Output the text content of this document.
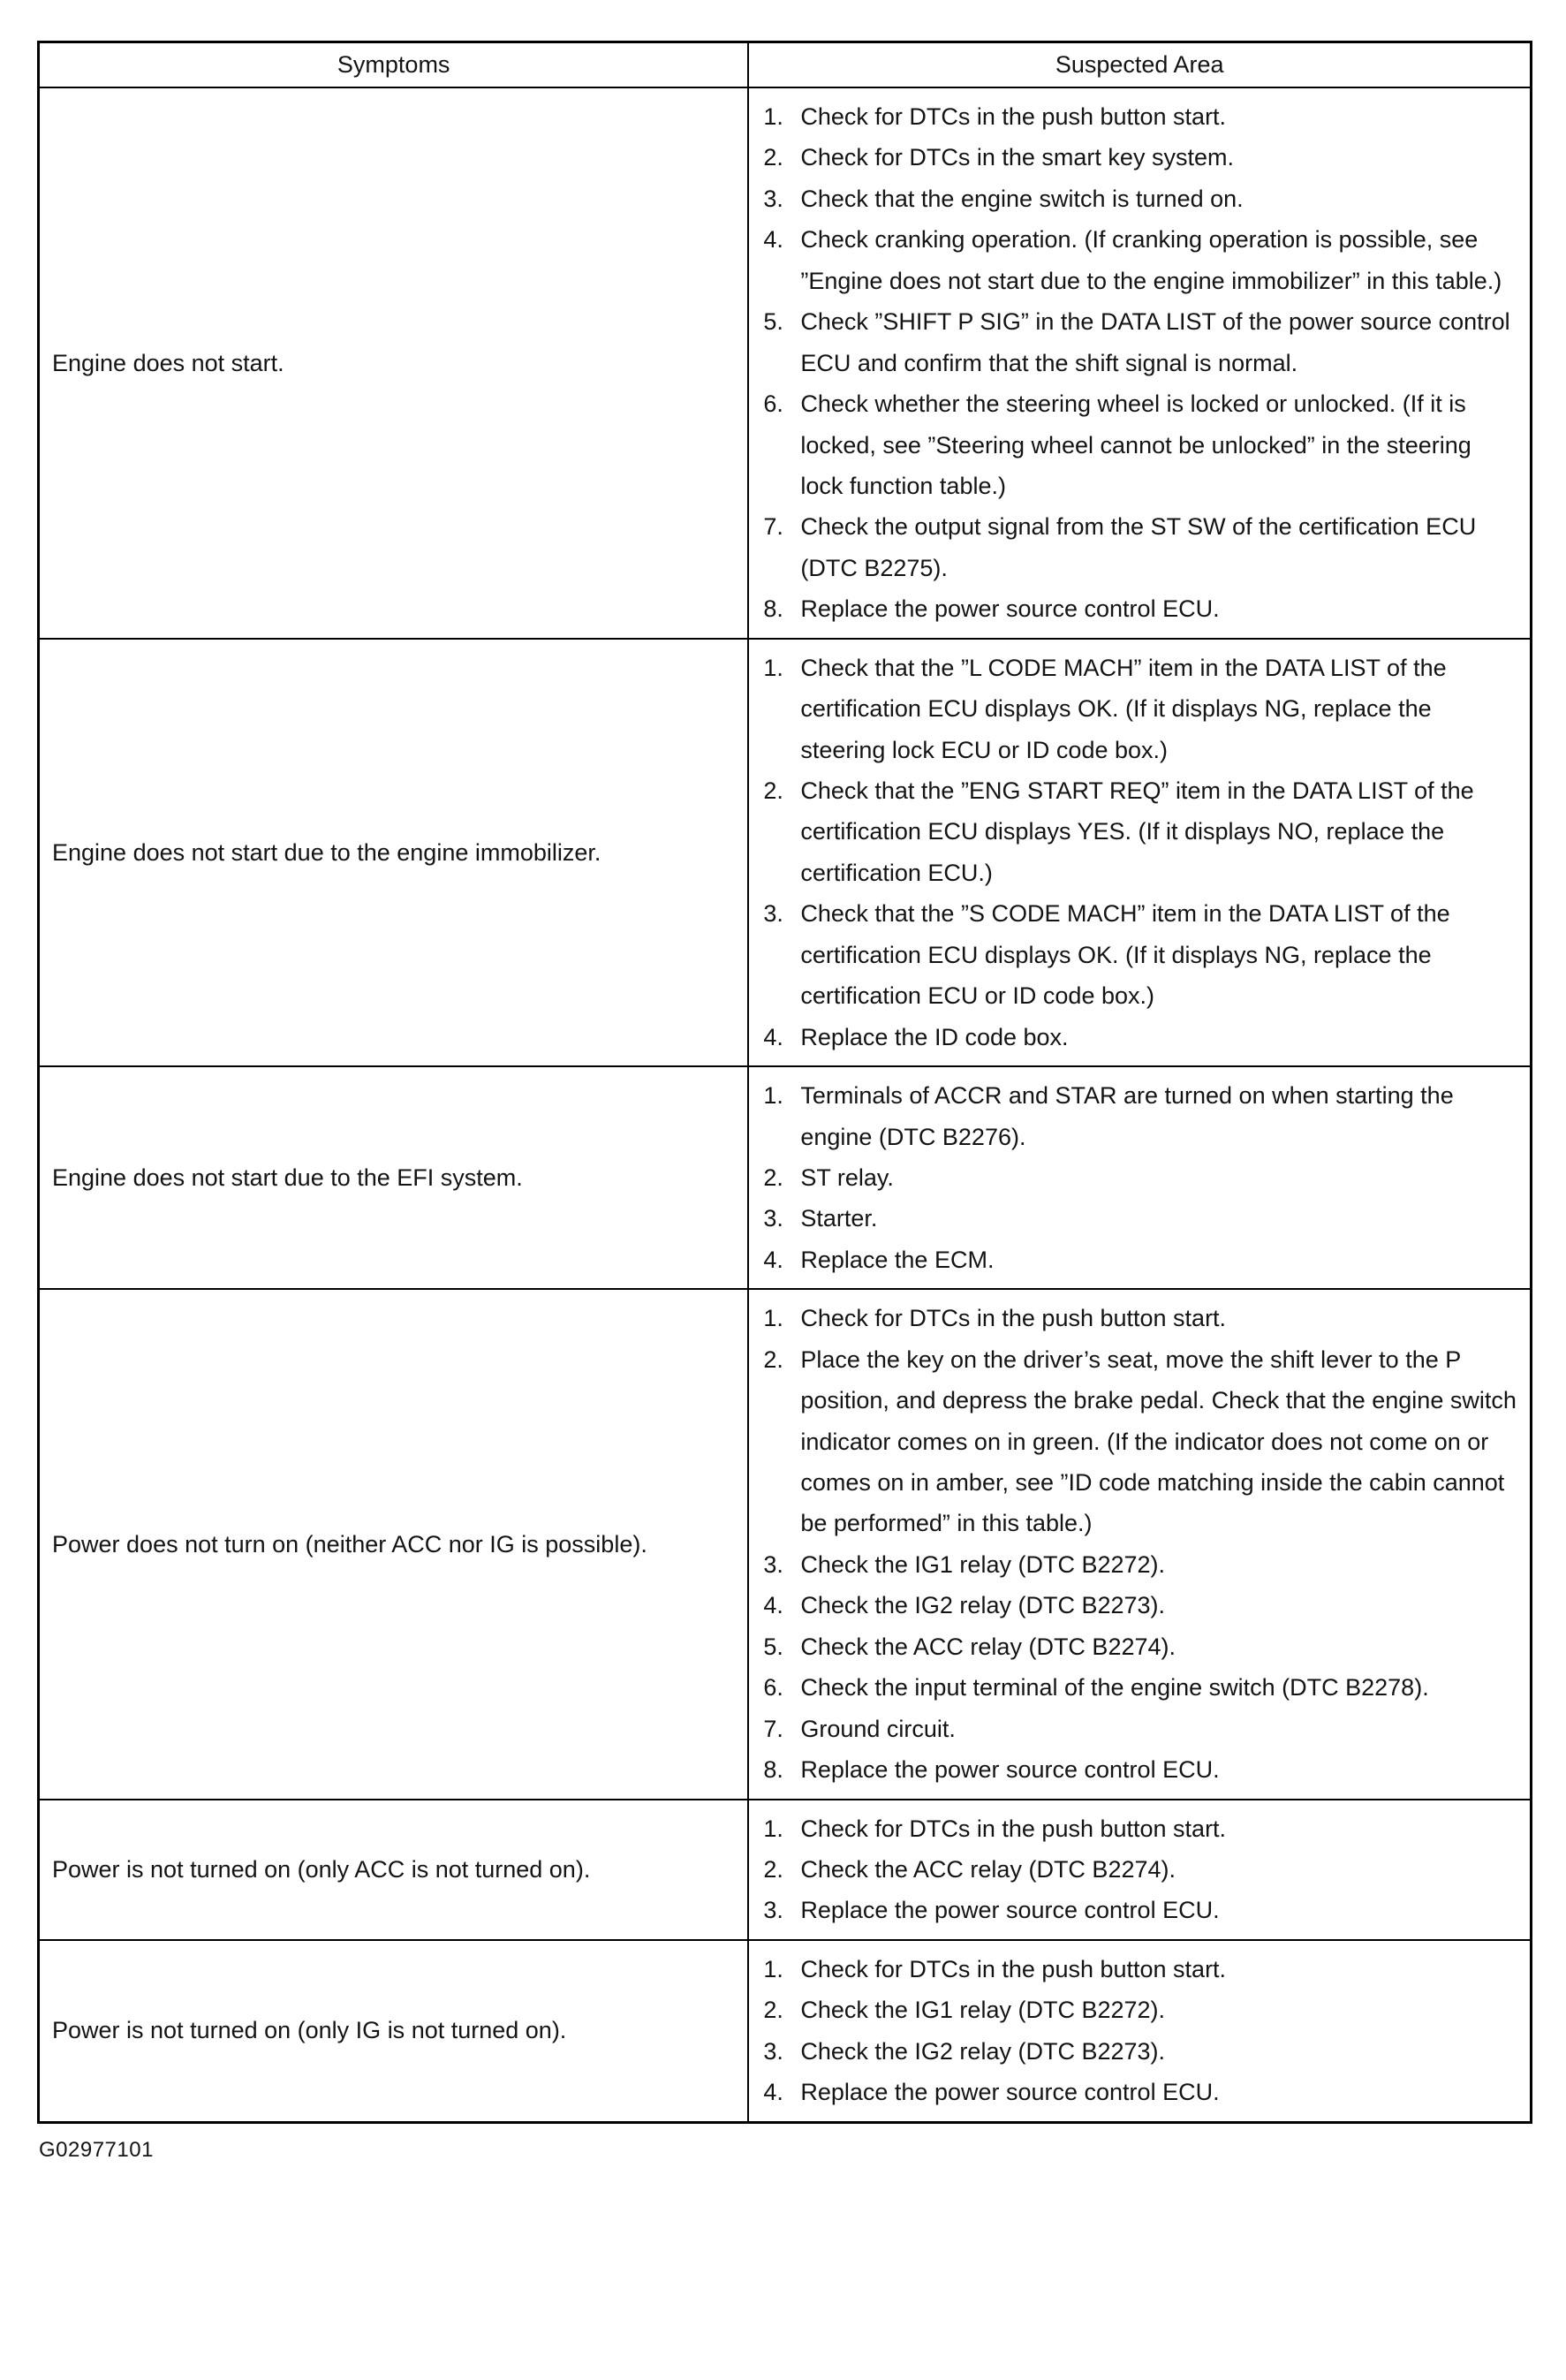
Symptoms	Suspected Area
Engine does not start.	
Check for DTCs in the push button start.
Check for DTCs in the smart key system.
Check that the engine switch is turned on.
Check cranking operation. (If cranking operation is possible, see ”Engine does not start due to the engine immobilizer” in this table.)
Check ”SHIFT P SIG” in the DATA LIST of the power source control ECU and confirm that the shift signal is normal.
Check whether the steering wheel is locked or unlocked. (If it is locked, see ”Steering wheel cannot be unlocked” in the steering lock function table.)
Check the output signal from the ST SW of the certification ECU (DTC B2275).
Replace the power source control ECU.

Engine does not start due to the engine immobilizer.	
Check that the ”L CODE MACH” item in the DATA LIST of the certification ECU displays OK. (If it displays NG, replace the steering lock ECU or ID code box.)
Check that the ”ENG START REQ” item in the DATA LIST of the certification ECU displays YES. (If it displays NO, replace the certification ECU.)
Check that the ”S CODE MACH” item in the DATA LIST of the certification ECU displays OK. (If it displays NG, replace the certification ECU or ID code box.)
Replace the ID code box.

Engine does not start due to the EFI system.	
Terminals of ACCR and STAR are turned on when starting the engine (DTC B2276).
ST relay.
Starter.
Replace the ECM.

Power does not turn on (neither ACC nor IG is possible).	
Check for DTCs in the push button start.
Place the key on the driver’s seat, move the shift lever to the P position, and depress the brake pedal. Check that the engine switch indicator comes on in green. (If the indicator does not come on or comes on in amber, see ”ID code matching inside the cabin cannot be performed” in this table.)
Check the IG1 relay (DTC B2272).
Check the IG2 relay (DTC B2273).
Check the ACC relay (DTC B2274).
Check the input terminal of the engine switch (DTC B2278).
Ground circuit.
Replace the power source control ECU.

Power is not turned on (only ACC is not turned on).	
Check for DTCs in the push button start.
Check the ACC relay (DTC B2274).
Replace the power source control ECU.

Power is not turned on (only IG is not turned on).	
Check for DTCs in the push button start.
Check the IG1 relay (DTC B2272).
Check the IG2 relay (DTC B2273).
Replace the power source control ECU.
G02977101
